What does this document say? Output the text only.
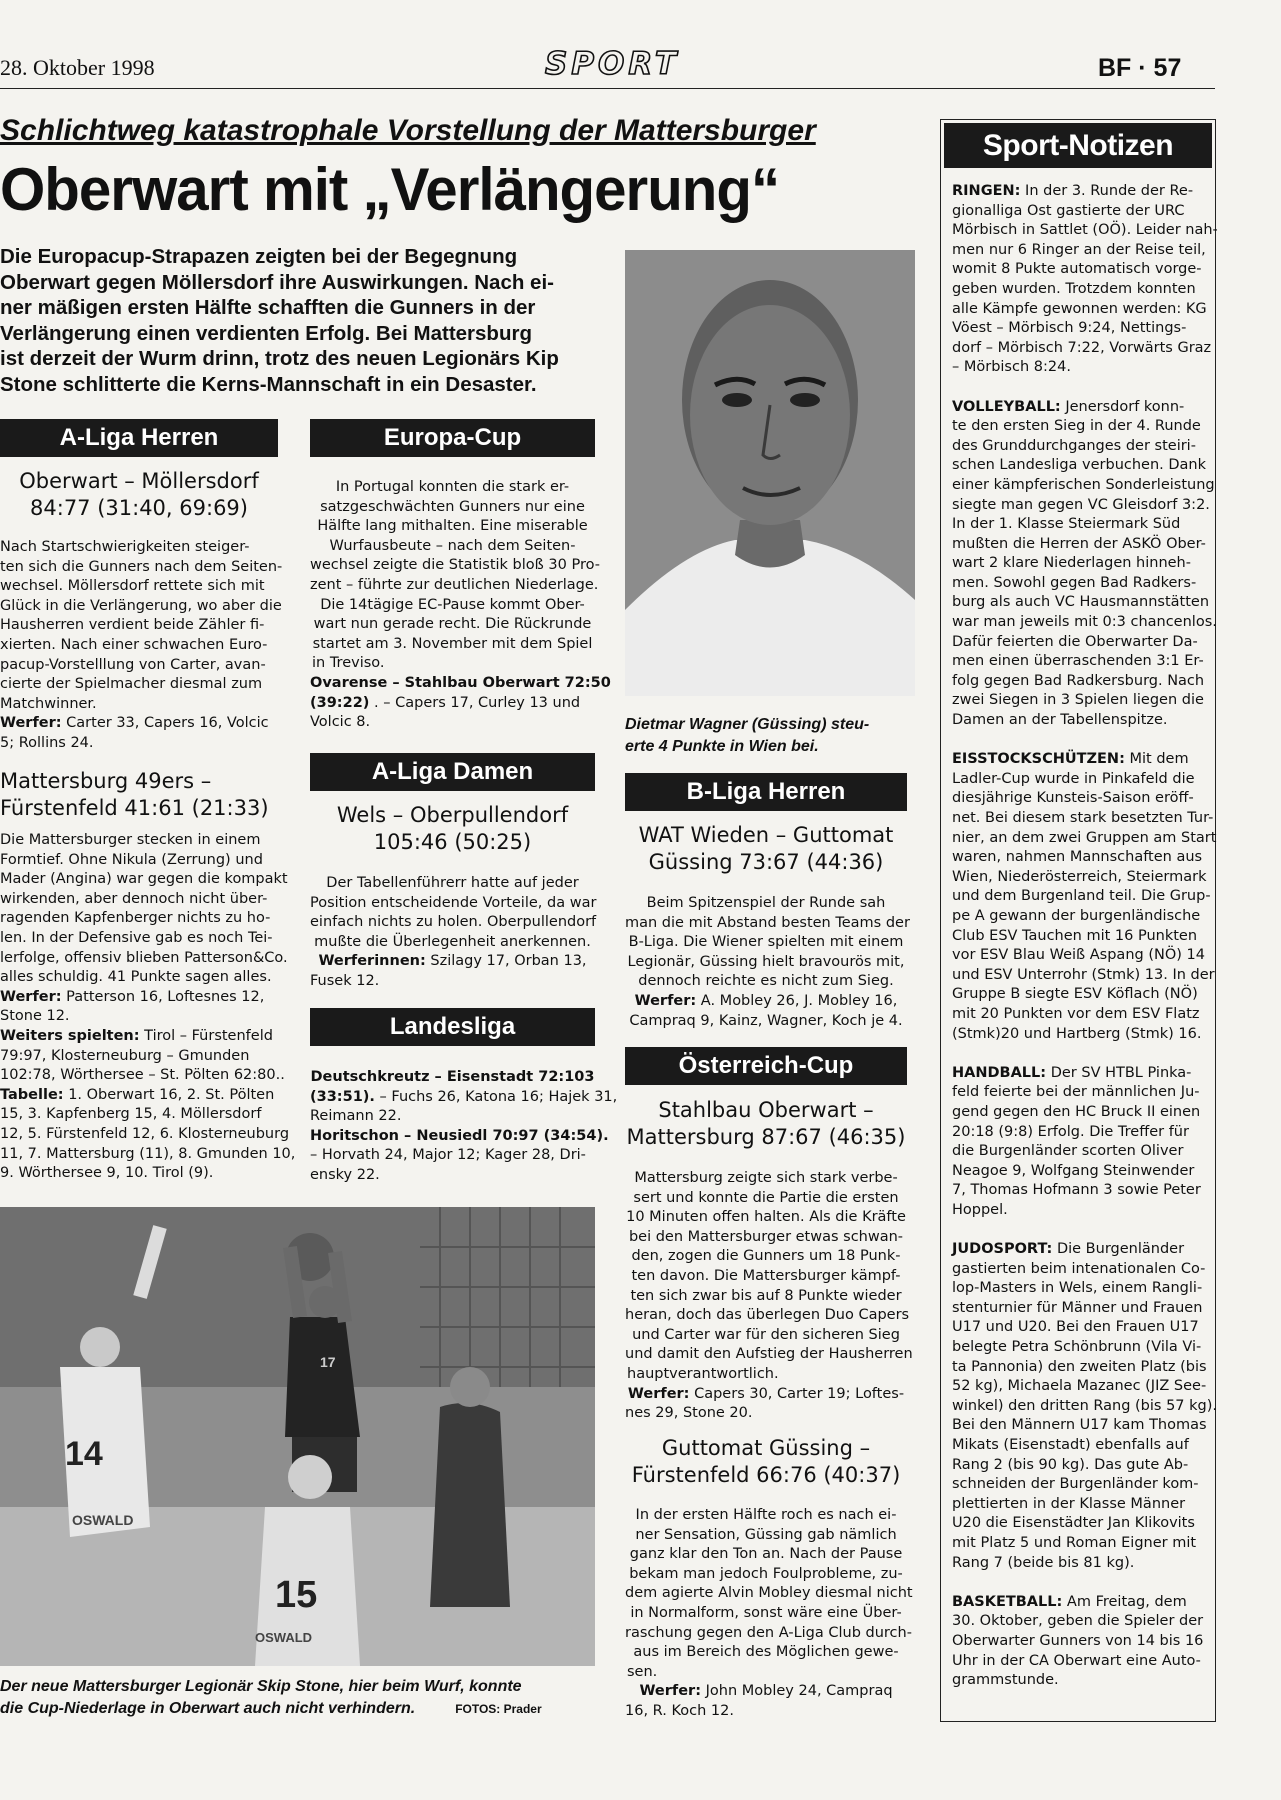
28. Oktober 1998	SPORT	BF · 57
Schlichtweg katastrophale Vorstellung der Mattersburger
Oberwart mit „Verlängerung“

Die Europacup-Strapazen zeigten bei der Begegnung

Oberwart gegen Möllersdorf ihre Auswirkungen. Nach ei-

ner mäßigen ersten Hälfte schafften die Gunners in der

Verlängerung einen verdienten Erfolg. Bei Mattersburg

ist derzeit der Wurm drinn, trotz des neuen Legionärs Kip

Stone schlitterte die Kerns-Mannschaft in ein Desaster.

A-Liga Herren

Oberwart – Möllersdorf

84:77 (31:40, 69:69)

Nach Startschwierigkeiten steiger-

ten sich die Gunners nach dem Seiten-

wechsel. Möllersdorf rettete sich mit

Glück in die Verlängerung, wo aber die

Hausherren verdient beide Zähler fi-

xierten. Nach einer schwachen Euro-

pacup-Vorstelllung von Carter, avan-

cierte der Spielmacher diesmal zum

Matchwinner.

Werfer: Carter 33, Capers 16, Volcic

5; Rollins 24.

Mattersburg 49ers –

Fürstenfeld 41:61 (21:33)

Die Mattersburger stecken in einem

Formtief. Ohne Nikula (Zerrung) und

Mader (Angina) war gegen die kompakt

wirkenden, aber dennoch nicht über-

ragenden Kapfenberger nichts zu ho-

len. In der Defensive gab es noch Tei-

lerfolge, offensiv blieben Patterson&Co.

alles schuldig. 41 Punkte sagen alles.

Werfer: Patterson 16, Loftesnes 12,

Stone 12.

Weiters spielten: Tirol – Fürstenfeld

79:97, Klosterneuburg – Gmunden

102:78, Wörthersee – St. Pölten 62:80..

Tabelle: 1. Oberwart 16, 2. St. Pölten

15, 3. Kapfenberg 15, 4. Möllersdorf

12, 5. Fürstenfeld 12, 6. Klosterneuburg

11, 7. Mattersburg (11), 8. Gmunden 10,

9. Wörthersee 9, 10. Tirol (9).

Europa-Cup

In Portugal konnten die stark er-

satzgeschwächten Gunners nur eine

Hälfte lang mithalten. Eine miserable

Wurfausbeute – nach dem Seiten-

wechsel zeigte die Statistik bloß 30 Pro-

zent – führte zur deutlichen Niederlage.

Die 14tägige EC-Pause kommt Ober-

wart nun gerade recht. Die Rückrunde

startet am 3. November mit dem Spiel

in Treviso.

Ovarense – Stahlbau Oberwart 72:50

(39:22) . – Capers 17, Curley 13 und

Volcic 8.

A-Liga Damen

Wels – Oberpullendorf

105:46 (50:25)

Der Tabellenführerr hatte auf jeder

Position entscheidende Vorteile, da war

einfach nichts zu holen. Oberpullendorf

mußte die Überlegenheit anerkennen.

Werferinnen: Szilagy 17, Orban 13,

Fusek 12.

Landesliga

Deutschkreutz – Eisenstadt 72:103

(33:51). – Fuchs 26, Katona 16; Hajek 31,

Reimann 22.

Horitschon – Neusiedl 70:97 (34:54).

– Horvath 24, Major 12; Kager 28, Dri-

ensky 22.

Dietmar Wagner (Güssing) steu-

erte 4 Punkte in Wien bei.

B-Liga Herren

WAT Wieden – Guttomat

Güssing 73:67 (44:36)

Beim Spitzenspiel der Runde sah

man die mit Abstand besten Teams der

B-Liga. Die Wiener spielten mit einem

Legionär, Güssing hielt bravourös mit,

dennoch reichte es nicht zum Sieg.

Werfer: A. Mobley 26, J. Mobley 16,

Campraq 9, Kainz, Wagner, Koch je 4.

Österreich-Cup

Stahlbau Oberwart –

Mattersburg 87:67 (46:35)

Mattersburg zeigte sich stark verbe-

sert und konnte die Partie die ersten

10 Minuten offen halten. Als die Kräfte

bei den Mattersburger etwas schwan-

den, zogen die Gunners um 18 Punk-

ten davon. Die Mattersburger kämpf-

ten sich zwar bis auf 8 Punkte wieder

heran, doch das überlegen Duo Capers

und Carter war für den sicheren Sieg

und damit den Aufstieg der Hausherren

hauptverantwortlich.

Werfer: Capers 30, Carter 19; Loftes-

nes 29, Stone 20.

Guttomat Güssing –

Fürstenfeld 66:76 (40:37)

In der ersten Hälfte roch es nach ei-

ner Sensation, Güssing gab nämlich

ganz klar den Ton an. Nach der Pause

bekam man jedoch Foulprobleme, zu-

dem agierte Alvin Mobley diesmal nicht

in Normalform, sonst wäre eine Über-

raschung gegen den A-Liga Club durch-

aus im Bereich des Möglichen gewe-

sen.

Werfer: John Mobley 24, Campraq

16, R. Koch 12.

14
15
17
OSWALD
OSWALD

Der neue Mattersburger Legionär Skip Stone, hier beim Wurf, konnte

die Cup-Niederlage in Oberwart auch nicht verhindern.	FOTOS: Prader

Sport-Notizen

RINGEN: In der 3. Runde der Re-

gionalliga Ost gastierte der URC

Mörbisch in Sattlet (OÖ). Leider nah-

men nur 6 Ringer an der Reise teil,

womit 8 Pukte automatisch vorge-

geben wurden. Trotzdem konnten

alle Kämpfe gewonnen werden: KG

Vöest – Mörbisch 9:24, Nettings-

dorf – Mörbisch 7:22, Vorwärts Graz

– Mörbisch 8:24.

VOLLEYBALL: Jenersdorf konn-

te den ersten Sieg in der 4. Runde

des Grunddurchganges der steiri-

schen Landesliga verbuchen. Dank

einer kämpferischen Sonderleistung

siegte man gegen VC Gleisdorf 3:2.

In der 1. Klasse Steiermark Süd

mußten die Herren der ASKÖ Ober-

wart 2 klare Niederlagen hinneh-

men. Sowohl gegen Bad Radkers-

burg als auch VC Hausmannstätten

war man jeweils mit 0:3 chancenlos.

Dafür feierten die Oberwarter Da-

men einen überraschenden 3:1 Er-

folg gegen Bad Radkersburg. Nach

zwei Siegen in 3 Spielen liegen die

Damen an der Tabellenspitze.

EISSTOCKSCHÜTZEN: Mit dem

Ladler-Cup wurde in Pinkafeld die

diesjährige Kunsteis-Saison eröff-

net. Bei diesem stark besetzten Tur-

nier, an dem zwei Gruppen am Start

waren, nahmen Mannschaften aus

Wien, Niederösterreich, Steiermark

und dem Burgenland teil. Die Grup-

pe A gewann der burgenländische

Club ESV Tauchen mit 16 Punkten

vor ESV Blau Weiß Aspang (NÖ) 14

und ESV Unterrohr (Stmk) 13. In der

Gruppe B siegte ESV Köflach (NÖ)

mit 20 Punkten vor dem ESV Flatz

(Stmk)20 und Hartberg (Stmk) 16.

HANDBALL: Der SV HTBL Pinka-

feld feierte bei der männlichen Ju-

gend gegen den HC Bruck II einen

20:18 (9:8) Erfolg. Die Treffer für

die Burgenländer scorten Oliver

Neagoe 9, Wolfgang Steinwender

7, Thomas Hofmann 3 sowie Peter

Hoppel.

JUDOSPORT: Die Burgenländer

gastierten beim intenationalen Co-

lop-Masters in Wels, einem Rangli-

stenturnier für Männer und Frauen

U17 und U20. Bei den Frauen U17

belegte Petra Schönbrunn (Vila Vi-

ta Pannonia) den zweiten Platz (bis

52 kg), Michaela Mazanec (JIZ See-

winkel) den dritten Rang (bis 57 kg).

Bei den Männern U17 kam Thomas

Mikats (Eisenstadt) ebenfalls auf

Rang 2 (bis 90 kg). Das gute Ab-

schneiden der Burgenländer kom-

plettierten in der Klasse Männer

U20 die Eisenstädter Jan Klikovits

mit Platz 5 und Roman Eigner mit

Rang 7 (beide bis 81 kg).

BASKETBALL: Am Freitag, dem

30. Oktober, geben die Spieler der

Oberwarter Gunners von 14 bis 16

Uhr in der CA Oberwart eine Auto-

grammstunde.
